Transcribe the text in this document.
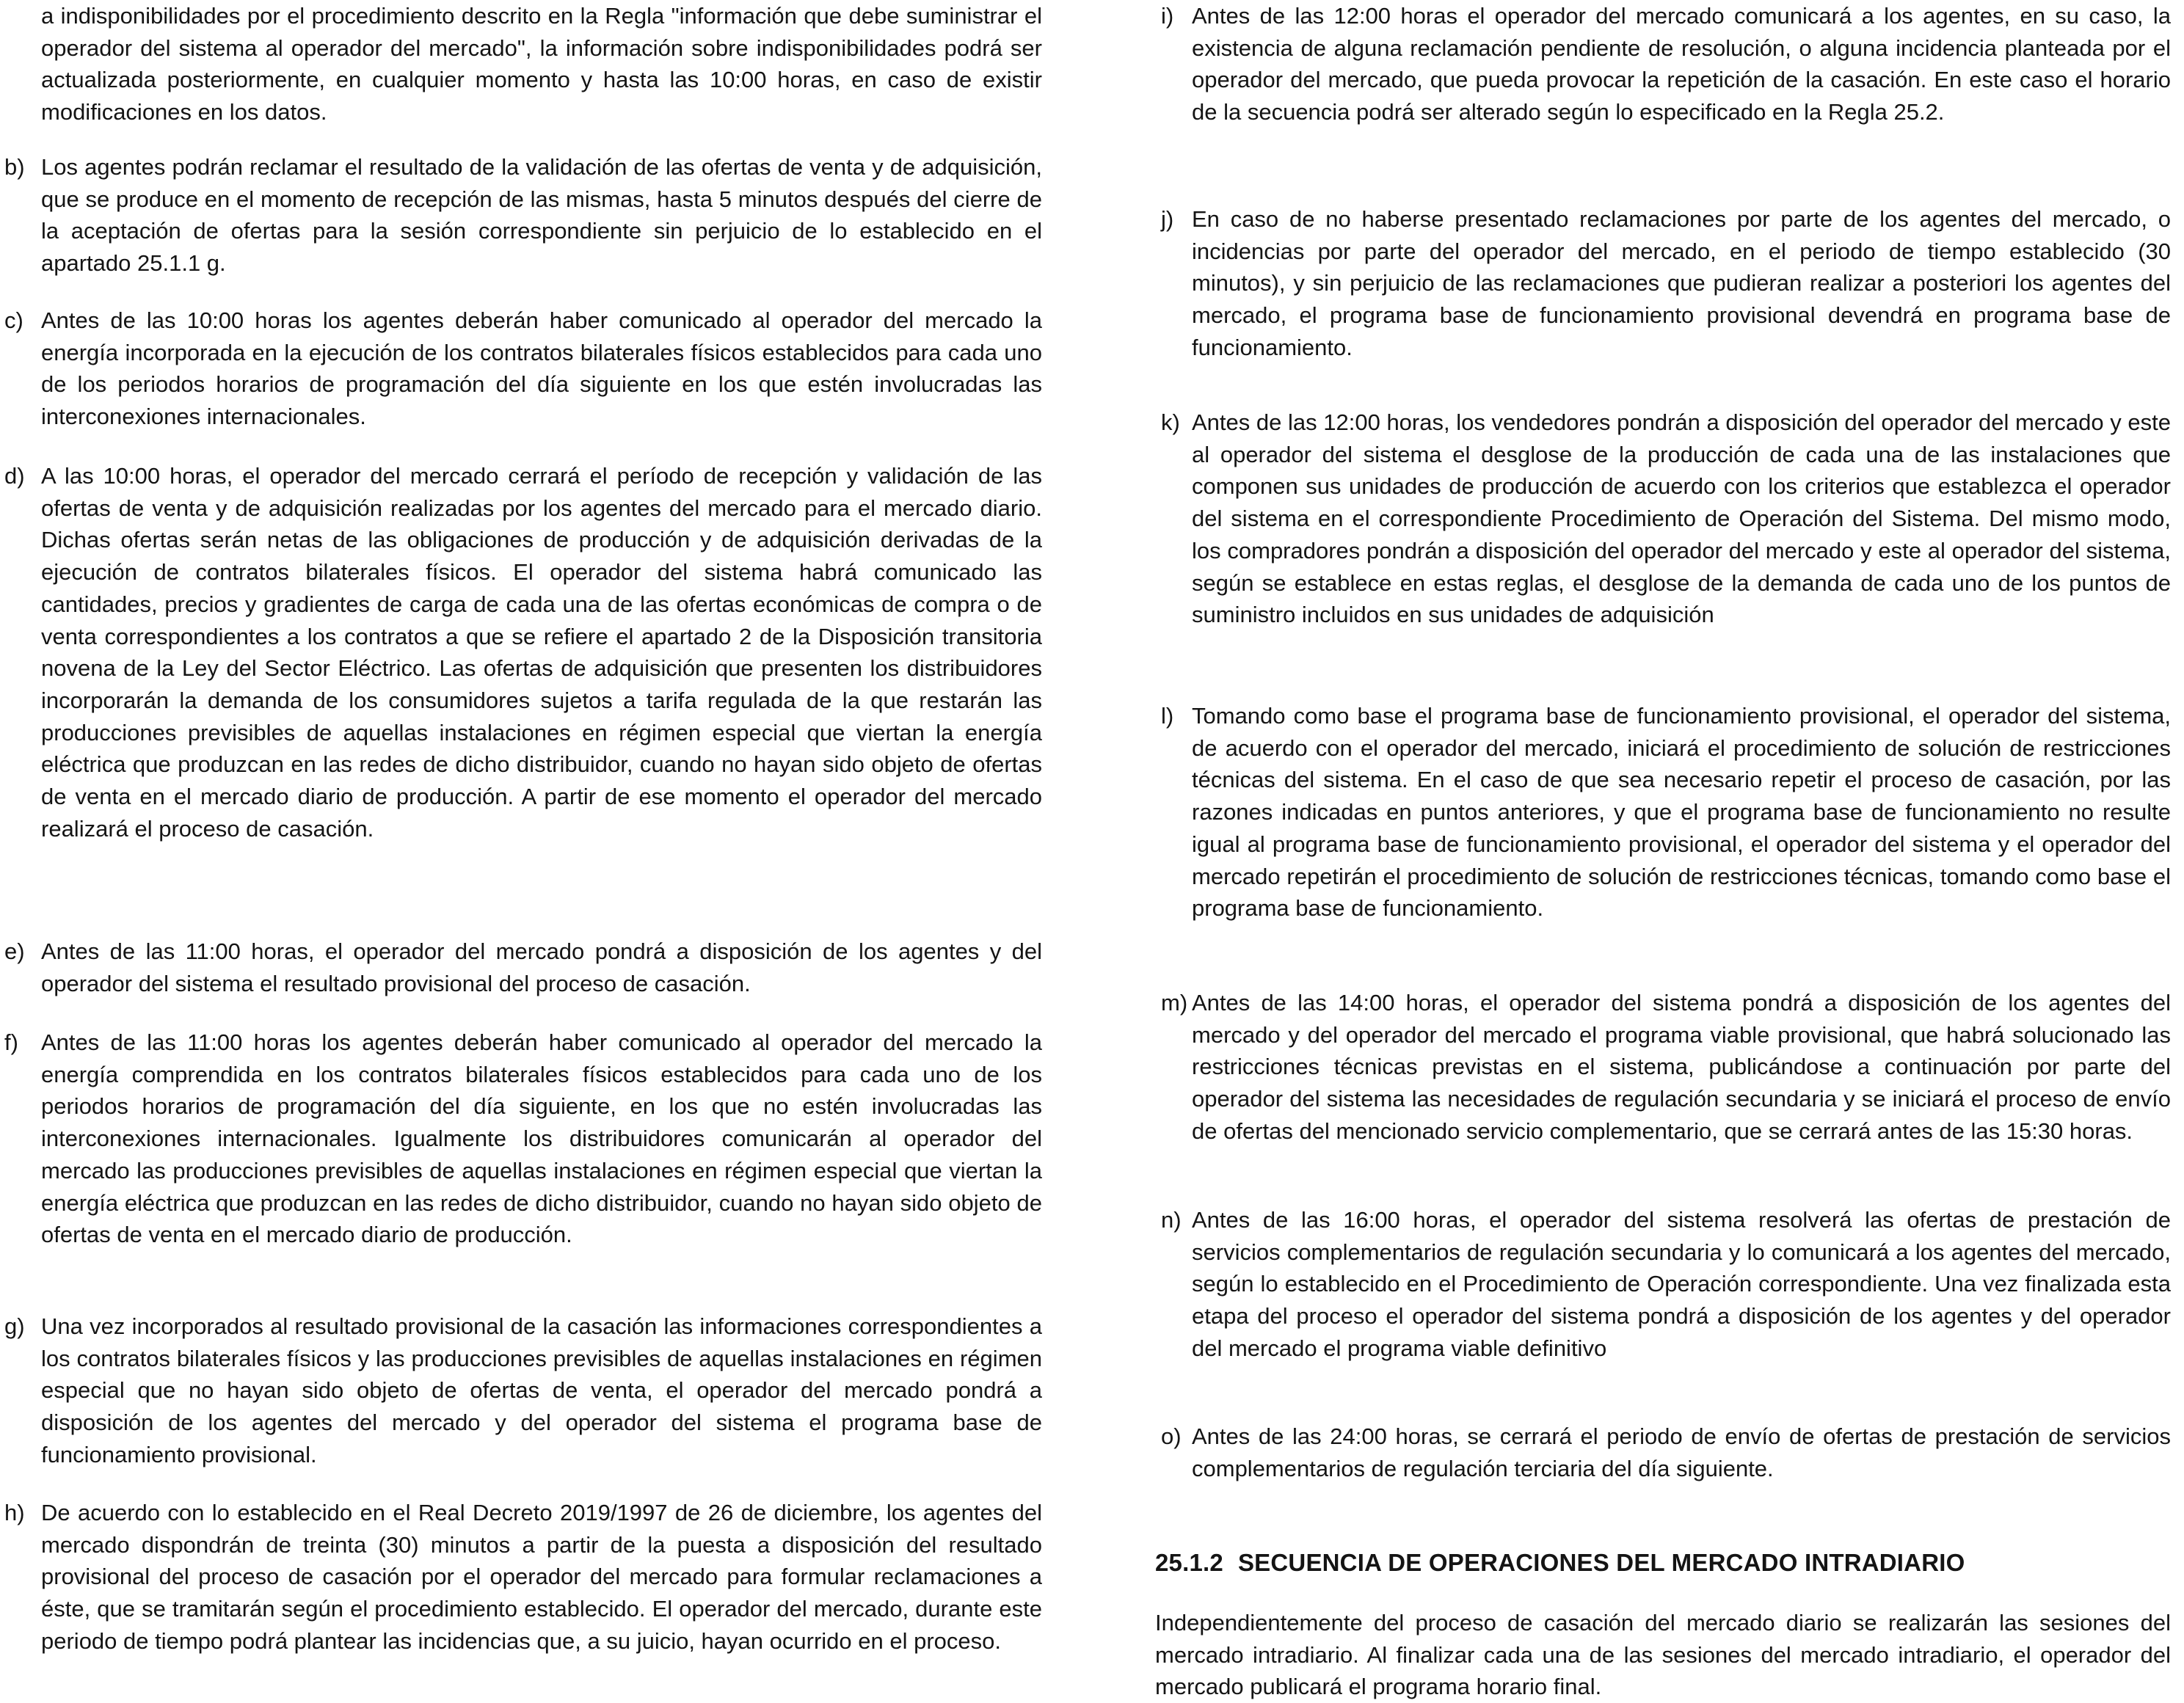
a indisponibilidades por el procedimiento descrito en la Regla "información que debe suministrar el operador del sistema al operador del mercado", la información sobre indisponibilidades podrá ser actualizada posteriormente, en cualquier momento y hasta las 10:00 horas, en caso de existir modificaciones en los datos.
b) Los agentes podrán reclamar el resultado de la validación de las ofertas de venta y de adquisición, que se produce en el momento de recepción de las mismas, hasta 5 minutos después del cierre de la aceptación de ofertas para la sesión correspondiente sin perjuicio de lo establecido en el apartado 25.1.1 g.
c) Antes de las 10:00 horas los agentes deberán haber comunicado al operador del mercado la energía incorporada en la ejecución de los contratos bilaterales físicos establecidos para cada uno de los periodos horarios de programación del día siguiente en los que estén involucradas las interconexiones internacionales.
d) A las 10:00 horas, el operador del mercado cerrará el período de recepción y validación de las ofertas de venta y de adquisición realizadas por los agentes del mercado para el mercado diario. Dichas ofertas serán netas de las obligaciones de producción y de adquisición derivadas de la ejecución de contratos bilaterales físicos. El operador del sistema habrá comunicado las cantidades, precios y gradientes de carga de cada una de las ofertas económicas de compra o de venta correspondientes a los contratos a que se refiere el apartado 2 de la Disposición transitoria novena de la Ley del Sector Eléctrico. Las ofertas de adquisición que presenten los distribuidores incorporarán la demanda de los consumidores sujetos a tarifa regulada de la que restarán las producciones previsibles de aquellas instalaciones en régimen especial que viertan la energía eléctrica que produzcan en las redes de dicho distribuidor, cuando no hayan sido objeto de ofertas de venta en el mercado diario de producción. A partir de ese momento el operador del mercado realizará el proceso de casación.
e) Antes de las 11:00 horas, el operador del mercado pondrá a disposición de los agentes y del operador del sistema el resultado provisional del proceso de casación.
f) Antes de las 11:00 horas los agentes deberán haber comunicado al operador del mercado la energía comprendida en los contratos bilaterales físicos establecidos para cada uno de los periodos horarios de programación del día siguiente, en los que no estén involucradas las interconexiones internacionales. Igualmente los distribuidores comunicarán al operador del mercado las producciones previsibles de aquellas instalaciones en régimen especial que viertan la energía eléctrica que produzcan en las redes de dicho distribuidor, cuando no hayan sido objeto de ofertas de venta en el mercado diario de producción.
g) Una vez incorporados al resultado provisional de la casación las informaciones correspondientes a los contratos bilaterales físicos y las producciones previsibles de aquellas instalaciones en régimen especial que no hayan sido objeto de ofertas de venta, el operador del mercado pondrá a disposición de los agentes del mercado y del operador del sistema el programa base de funcionamiento provisional.
h) De acuerdo con lo establecido en el Real Decreto 2019/1997 de 26 de diciembre, los agentes del mercado dispondrán de treinta (30) minutos a partir de la puesta a disposición del resultado provisional del proceso de casación por el operador del mercado para formular reclamaciones a éste, que se tramitarán según el procedimiento establecido. El operador del mercado, durante este periodo de tiempo podrá plantear las incidencias que, a su juicio, hayan ocurrido en el proceso.
i) Antes de las 12:00 horas el operador del mercado comunicará a los agentes, en su caso, la existencia de alguna reclamación pendiente de resolución, o alguna incidencia planteada por el operador del mercado, que pueda provocar la repetición de la casación. En este caso el horario de la secuencia podrá ser alterado según lo especificado en la Regla 25.2.
j) En caso de no haberse presentado reclamaciones por parte de los agentes del mercado, o incidencias por parte del operador del mercado, en el periodo de tiempo establecido (30 minutos), y sin perjuicio de las reclamaciones que pudieran realizar a posteriori los agentes del mercado, el programa base de funcionamiento provisional devendrá en programa base de funcionamiento.
k) Antes de las 12:00 horas, los vendedores pondrán a disposición del operador del mercado y este al operador del sistema el desglose de la producción de cada una de las instalaciones que componen sus unidades de producción de acuerdo con los criterios que establezca el operador del sistema en el correspondiente Procedimiento de Operación del Sistema. Del mismo modo, los compradores pondrán a disposición del operador del mercado y este al operador del sistema, según se establece en estas reglas, el desglose de la demanda de cada uno de los puntos de suministro incluidos en sus unidades de adquisición
l) Tomando como base el programa base de funcionamiento provisional, el operador del sistema, de acuerdo con el operador del mercado, iniciará el procedimiento de solución de restricciones técnicas del sistema. En el caso de que sea necesario repetir el proceso de casación, por las razones indicadas en puntos anteriores, y que el programa base de funcionamiento no resulte igual al programa base de funcionamiento provisional, el operador del sistema y el operador del mercado repetirán el procedimiento de solución de restricciones técnicas, tomando como base el programa base de funcionamiento.
m) Antes de las 14:00 horas, el operador del sistema pondrá a disposición de los agentes del mercado y del operador del mercado el programa viable provisional, que habrá solucionado las restricciones técnicas previstas en el sistema, publicándose a continuación por parte del operador del sistema las necesidades de regulación secundaria y se iniciará el proceso de envío de ofertas del mencionado servicio complementario, que se cerrará antes de las 15:30 horas.
n) Antes de las 16:00 horas, el operador del sistema resolverá las ofertas de prestación de servicios complementarios de regulación secundaria y lo comunicará a los agentes del mercado, según lo establecido en el Procedimiento de Operación correspondiente. Una vez finalizada esta etapa del proceso el operador del sistema pondrá a disposición de los agentes y del operador del mercado el programa viable definitivo
o) Antes de las 24:00 horas, se cerrará el periodo de envío de ofertas de prestación de servicios complementarios de regulación terciaria del día siguiente.
25.1.2 SECUENCIA DE OPERACIONES DEL MERCADO INTRADIARIO
Independientemente del proceso de casación del mercado diario se realizarán las sesiones del mercado intradiario. Al finalizar cada una de las sesiones del mercado intradiario, el operador del mercado publicará el programa horario final.
